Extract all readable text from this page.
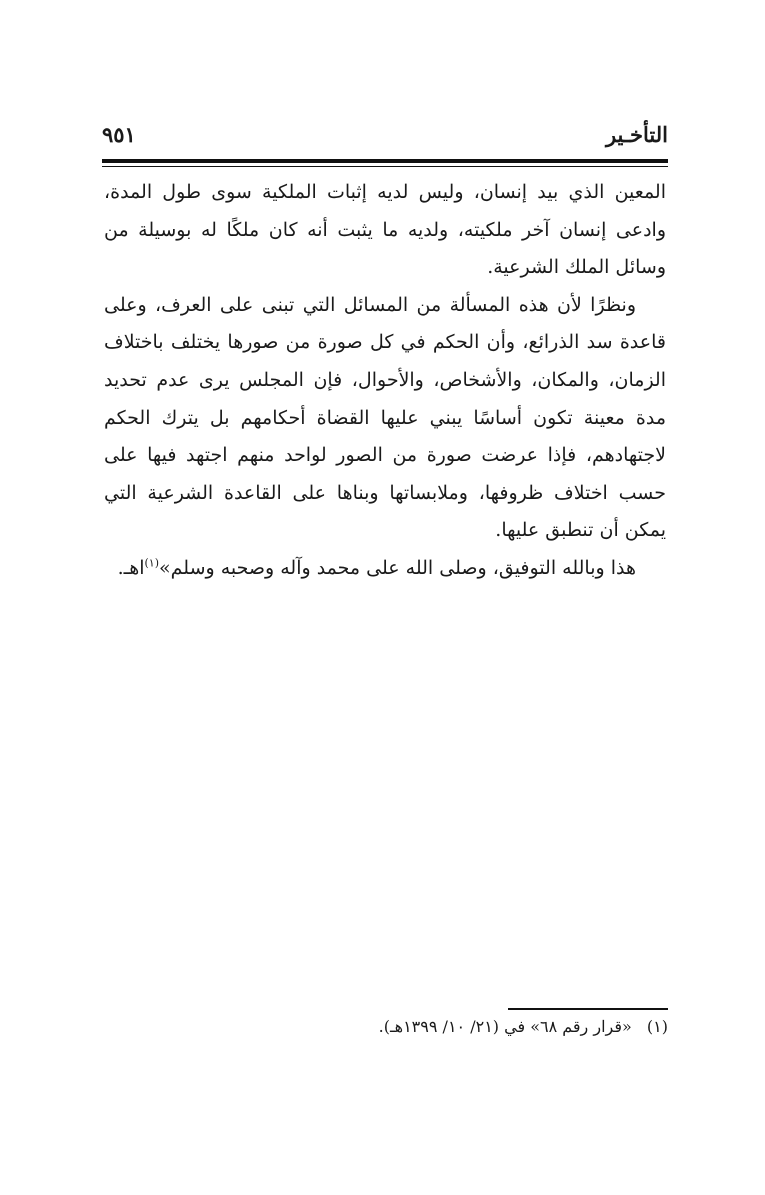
التأخـير
٩٥١

المعين الذي بيد إنسان، وليس لديه إثبات الملكية سوى طول المدة، وادعى إنسان آخر ملكيته، ولديه ما يثبت أنه كان ملكًا له بوسيلة من وسائل الملك الشرعية.

ونظرًا لأن هذه المسألة من المسائل التي تبنى على العرف، وعلى قاعدة سد الذرائع، وأن الحكم في كل صورة من صورها يختلف باختلاف الزمان، والمكان، والأشخاص، والأحوال، فإن المجلس يرى عدم تحديد مدة معينة تكون أساسًا يبني عليها القضاة أحكامهم بل يترك الحكم لاجتهادهم، فإذا عرضت صورة من الصور لواحد منهم اجتهد فيها على حسب اختلاف ظروفها، وملابساتها وبناها على القاعدة الشرعية التي يمكن أن تنطبق عليها.

هذا وبالله التوفيق، وصلى الله على محمد وآله وصحبه وسلم»$^{(١)}$اهـ.

(١) «قرار رقم ٦٨» في (٢١/ ١٠/ ١٣٩٩هـ).
